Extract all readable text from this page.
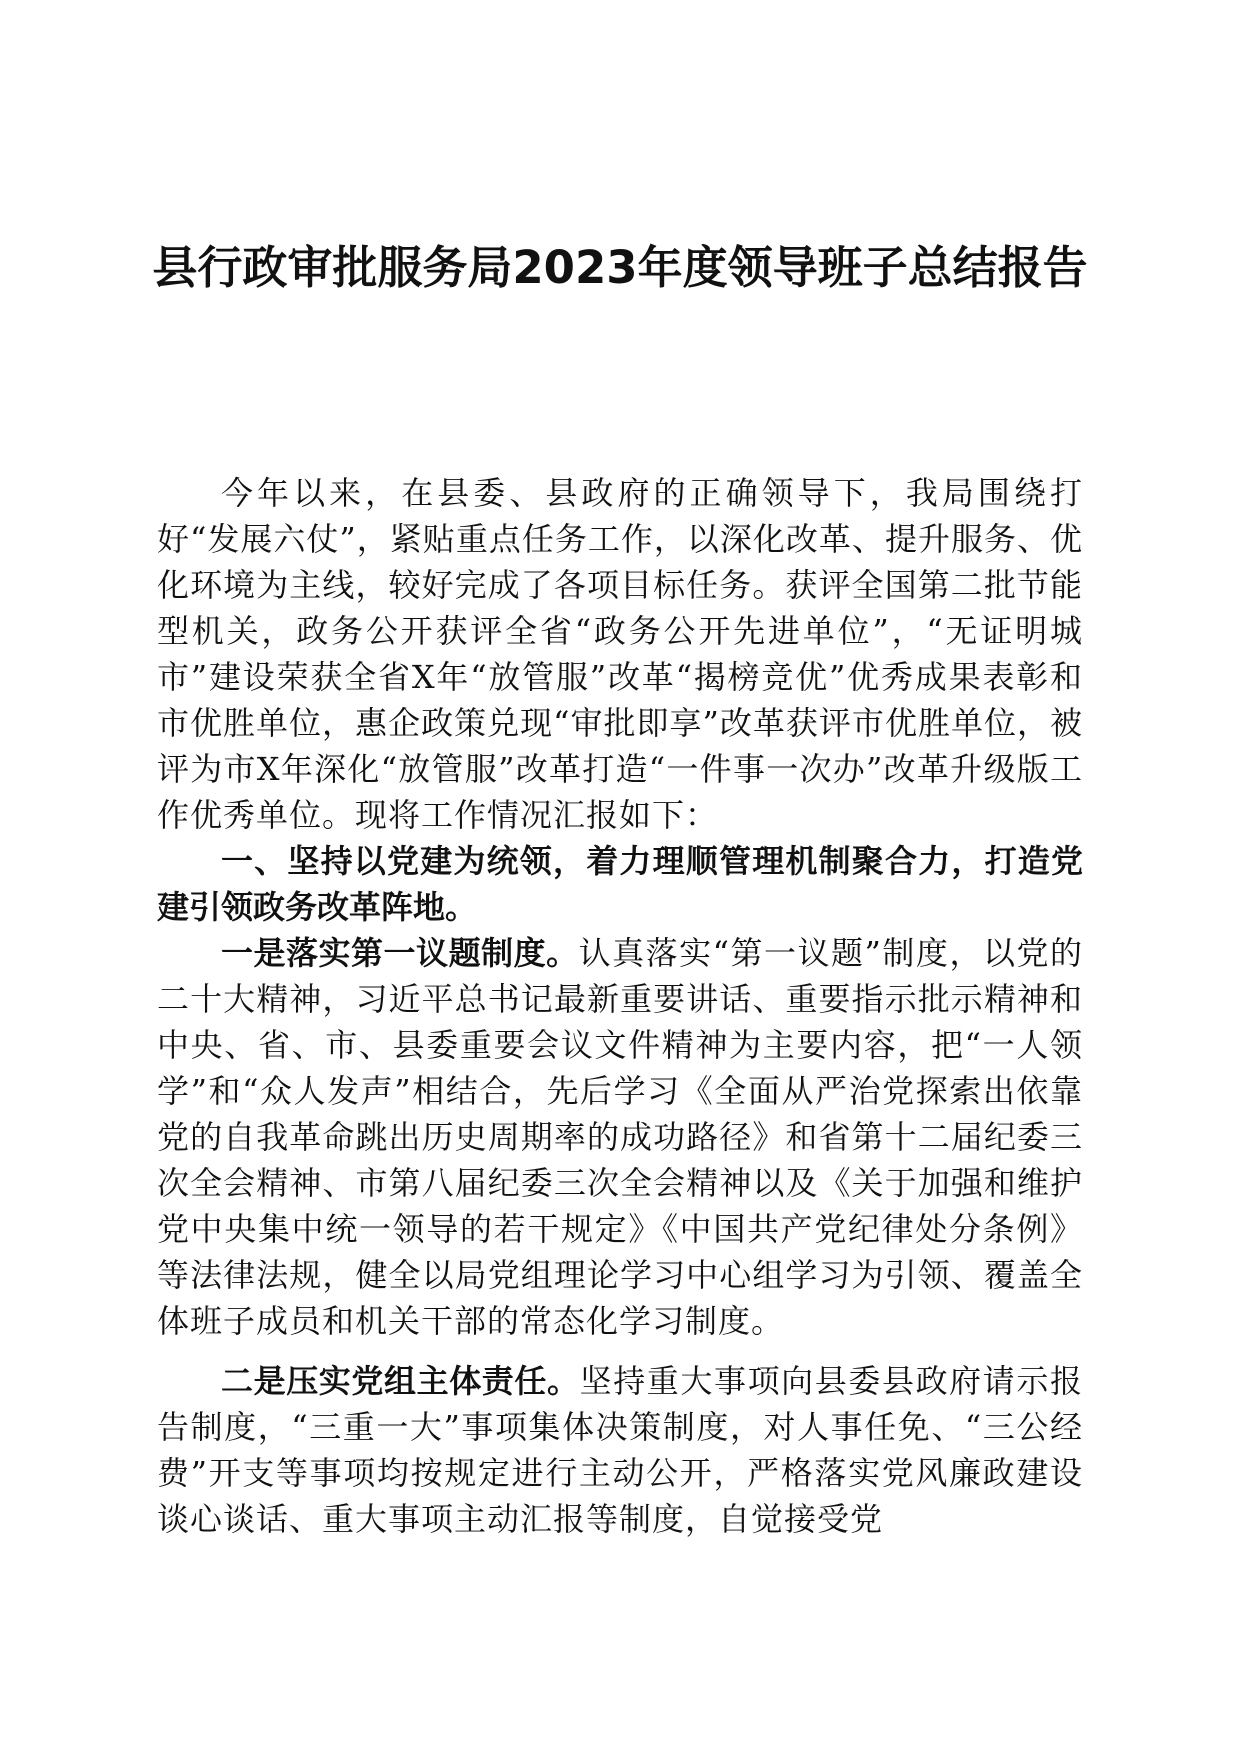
县行政审批服务局2023年度领导班子总结报告

今年以来，在县委、县政府的正确领导下，我局围绕打好“发展六仗”，紧贴重点任务工作，以深化改革、提升服务、优化环境为主线，较好完成了各项目标任务。获评全国第二批节能型机关，政务公开获评全省“政务公开先进单位”，“无证明城市”建设荣获全省X年“放管服”改革“揭榜竞优”优秀成果表彰和市优胜单位，惠企政策兑现“审批即享”改革获评市优胜单位，被评为市X年深化“放管服”改革打造“一件事一次办”改革升级版工作优秀单位。现将工作情况汇报如下：

一、坚持以党建为统领，着力理顺管理机制聚合力，打造党建引领政务改革阵地。

一是落实第一议题制度。认真落实“第一议题”制度，以党的二十大精神，习近平总书记最新重要讲话、重要指示批示精神和中央、省、市、县委重要会议文件精神为主要内容，把“一人领学”和“众人发声”相结合，先后学习《全面从严治党探索出依靠党的自我革命跳出历史周期率的成功路径》和省第十二届纪委三次全会精神、市第八届纪委三次全会精神以及《关于加强和维护党中央集中统一领导的若干规定》《中国共产党纪律处分条例》等法律法规，健全以局党组理论学习中心组学习为引领、覆盖全体班子成员和机关干部的常态化学习制度。

二是压实党组主体责任。坚持重大事项向县委县政府请示报告制度，“三重一大”事项集体决策制度，对人事任免、“三公经费”开支等事项均按规定进行主动公开，严格落实党风廉政建设谈心谈话、重大事项主动汇报等制度，自觉接受党
